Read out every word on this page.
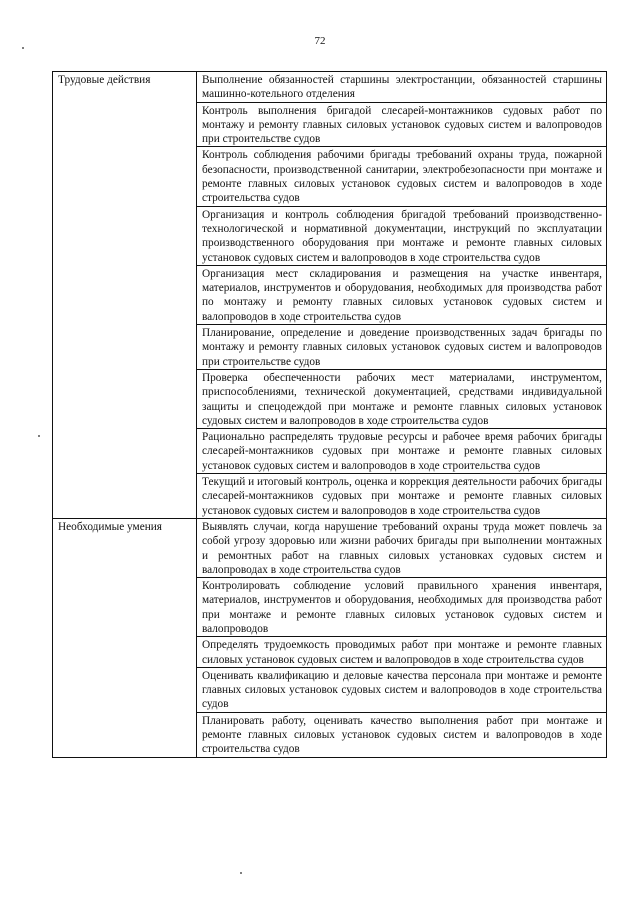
72
Трудовые действия	Выполнение обязанностей старшины электростанции, обязанностей старшины машинно-котельного отделения
	Контроль выполнения бригадой слесарей-монтажников судовых работ по монтажу и ремонту главных силовых установок судовых систем и валопроводов при строительстве судов
	Контроль соблюдения рабочими бригады требований охраны труда, пожарной безопасности, производственной санитарии, электробезопасности при монтаже и ремонте главных силовых установок судовых систем и валопроводов в ходе строительства судов
	Организация и контроль соблюдения бригадой требований производственно-технологической и нормативной документации, инструкций по эксплуатации производственного оборудования при монтаже и ремонте главных силовых установок судовых систем и валопроводов в ходе строительства судов
	Организация мест складирования и размещения на участке инвентаря, материалов, инструментов и оборудования, необходимых для производства работ по монтажу и ремонту главных силовых установок судовых систем и валопроводов в ходе строительства судов
	Планирование, определение и доведение производственных задач бригады по монтажу и ремонту главных силовых установок судовых систем и валопроводов при строительстве судов
	Проверка обеспеченности рабочих мест материалами, инструментом, приспособлениями, технической документацией, средствами индивидуальной защиты и спецодеждой при монтаже и ремонте главных силовых установок судовых систем и валопроводов в ходе строительства судов
	Рационально распределять трудовые ресурсы и рабочее время рабочих бригады слесарей-монтажников судовых при монтаже и ремонте главных силовых установок судовых систем и валопроводов в ходе строительства судов
	Текущий и итоговый контроль, оценка и коррекция деятельности рабочих бригады слесарей-монтажников судовых при монтаже и ремонте главных силовых установок судовых систем и валопроводов в ходе строительства судов
Необходимые умения	Выявлять случаи, когда нарушение требований охраны труда может повлечь за собой угрозу здоровью или жизни рабочих бригады при выполнении монтажных и ремонтных работ на главных силовых установках судовых систем и валопроводах в ходе строительства судов
	Контролировать соблюдение условий правильного хранения инвентаря, материалов, инструментов и оборудования, необходимых для производства работ при монтаже и ремонте главных силовых установок судовых систем и валопроводов
	Определять трудоемкость проводимых работ при монтаже и ремонте главных силовых установок судовых систем и валопроводов в ходе строительства судов
	Оценивать квалификацию и деловые качества персонала при монтаже и ремонте главных силовых установок судовых систем и валопроводов в ходе строительства судов
	Планировать работу, оценивать качество выполнения работ при монтаже и ремонте главных силовых установок судовых систем и валопроводов в ходе строительства судов
